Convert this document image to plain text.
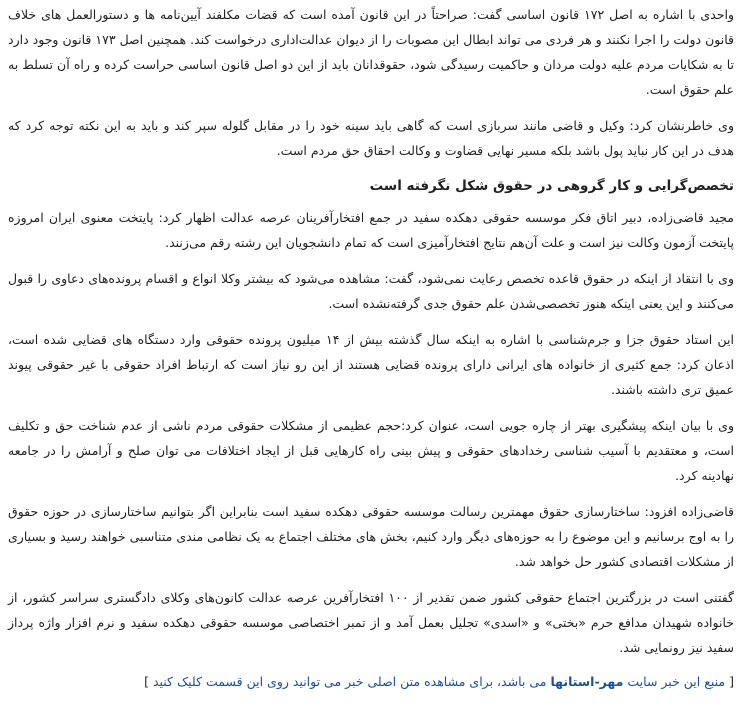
واحدی با اشاره به اصل ۱۷۲ قانون اساسی گفت: صراحتاً در این قانون آمده است که قضات مکلفند آیین‌نامه ها و دستورالعمل های خلاف قانون دولت را اجرا نکنند و هر فردی می تواند ابطال این مصوبات را از دیوان عدالت‌اداری درخواست کند. همچنین اصل ۱۷۳ قانون وجود دارد تا به شکایات مردم علیه دولت مردان و حاکمیت رسیدگی شود، حقوقدانان باید از این دو اصل قانون اساسی حراست کرده و راه آن تسلط به علم حقوق است.

وی خاطرنشان کرد: وکیل و قاضی مانند سربازی است که گاهی باید سینه خود را در مقابل گلوله سپر کند و باید به این نکته توجه کرد که هدف در این کار نباید پول باشد بلکه مسیر نهایی قضاوت و وکالت احقاق حق مردم است.

تخصص‌گرایی و کار گروهی در حقوق شکل نگرفته است

مجید قاضی‌زاده، دبیر اتاق فکر موسسه حقوقی دهکده سفید در جمع افتخارآفرینان عرصه عدالت اظهار کرد: پایتخت معنوی ایران امروزه پایتخت آزمون وکالت نیز است و علت آن‌هم نتایج افتخارآمیزی است که تمام دانشجویان این رشته رقم می‌زنند.

وی با انتقاد از اینکه در حقوق قاعده تخصص رعایت نمی‌شود، گفت: مشاهده می‌شود که بیشتر وکلا انواع و اقسام پرونده‌های دعاوی را قبول می‌کنند و این یعنی اینکه هنوز تخصصی‌شدن علم حقوق جدی گرفته‌نشده است.

این استاد حقوق جزا و جرم‌شناسی با اشاره به اینکه سال گذشته بیش از ۱۴ میلیون پرونده حقوقی وارد دستگاه های قضایی شده است، اذعان کرد: جمع کثیری از خانواده های ایرانی دارای پرونده قضایی هستند از این رو نیاز است که ارتباط افراد حقوقی با غیر حقوقی پیوند عمیق تری داشته باشند.

وی با بیان اینکه پیشگیری بهتر از چاره جویی است، عنوان کرد:حجم عظیمی از مشکلات حقوقی مردم ناشی از عدم شناخت حق و تکلیف است، و معتقدیم با آسیب شناسی رخدادهای حقوقی و پیش بینی راه کارهایی قبل از ایجاد اختلافات می توان صلح و آرامش را در جامعه نهادینه کرد.

قاضی‌زاده افزود: ساختارسازی حقوق مهمترین رسالت موسسه حقوقی دهکده سفید است بنابراین اگر بتوانیم ساختارسازی در حوزه حقوق را به اوج برسانیم و این موضوع را به حوزه‌های دیگر وارد کنیم، بخش های مختلف اجتماع به یک نظامی مندی متناسبی خواهند رسید و بسیاری از مشکلات اقتصادی کشور حل خواهد شد.

گفتنی است در بزرگترین اجتماع حقوقی کشور ضمن تقدیر از ۱۰۰ افتخارآفرین عرصه عدالت کانون‌های وکلای دادگستری سراسر کشور، از خانواده شهیدان مدافع حرم «بختی» و «اسدی» تجلیل بعمل آمد و از تمبر اختصاصی موسسه حقوقی دهکده سفید و نرم افزار واژه پرداز سفید نیز رونمایی شد.

[ منبع این خبر سایت مهر-استانها می باشد، برای مشاهده متن اصلی خبر می توانید روی این قسمت کلیک کنید ]
